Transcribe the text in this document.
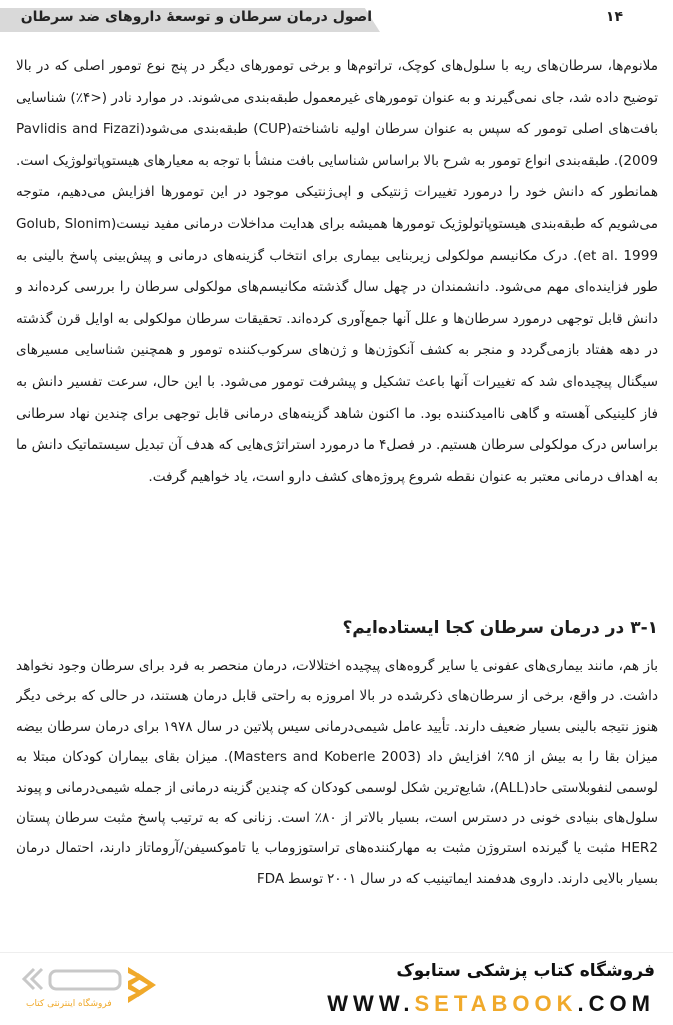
اصول درمان سرطان و توسعهٔ داروهای ضد سرطان	۱۴
ملانوم‌ها، سرطان‌های ریه با سلول‌های کوچک، تراتوم‌ها و برخی تومورهای دیگر در پنج نوع تومور اصلی که در بالا توضیح داده شد، جای نمی‌گیرند و به عنوان تومورهای غیرمعمول طبقه‌بندی می‌شوند. در موارد نادر (<۴٪) شناسایی بافت‌های اصلی تومور که سپس به عنوان سرطان اولیه ناشناخته(CUP) طبقه‌بندی می‌شود(Pavlidis and Fizazi 2009). طبقه‌بندی انواع تومور به شرح بالا براساس شناسایی بافت منشأ با توجه به معیارهای هیستوپاتولوژیک است. همانطور که دانش خود را درمورد تغییرات ژنتیکی و اپی‌ژنتیکی موجود در این تومورها افزایش می‌دهیم، متوجه می‌شویم که طبقه‌بندی هیستوپاتولوژیک تومورها همیشه برای هدایت مداخلات درمانی مفید نیست(Golub, Slonim et al. 1999). درک مکانیسم مولکولی زیربنایی بیماری برای انتخاب گزینه‌های درمانی و پیش‌بینی پاسخ بالینی به طور فزاینده‌ای مهم می‌شود. دانشمندان در چهل سال گذشته مکانیسم‌های مولکولی سرطان را بررسی کرده‌اند و دانش قابل توجهی درمورد سرطان‌ها و علل آنها جمع‌آوری کرده‌اند. تحقیقات سرطان مولکولی به اوایل قرن گذشته در دهه هفتاد بازمی‌گردد و منجر به کشف آنکوژن‌ها و ژن‌های سرکوب‌کننده تومور و همچنین شناسایی مسیرهای سیگنال پیچیده‌ای شد که تغییرات آنها باعث تشکیل و پیشرفت تومور می‌شود. با این حال، سرعت تفسیر دانش به فاز کلینیکی آهسته و گاهی ناامیدکننده بود. ما اکنون شاهد گزینه‌های درمانی قابل توجهی برای چندین نهاد سرطانی براساس درک مولکولی سرطان هستیم. در فصل۴ ما درمورد استراتژی‌هایی که هدف آن تبدیل سیستماتیک دانش ما به اهداف درمانی معتبر به عنوان نقطه شروع پروژه‌های کشف دارو است، یاد خواهیم گرفت.
۳-۱ در درمان سرطان کجا ایستاده‌ایم؟
باز هم، مانند بیماری‌های عفونی یا سایر گروه‌های پیچیده اختلالات، درمان منحصر به فرد برای سرطان وجود نخواهد داشت. در واقع، برخی از سرطان‌های ذکرشده در بالا امروزه به راحتی قابل درمان هستند، در حالی که برخی دیگر هنوز نتیجه بالینی بسیار ضعیف دارند. تأیید عامل شیمی‌درمانی سیس پلاتین در سال ۱۹۷۸ برای درمان سرطان بیضه میزان بقا را به بیش از ۹۵٪ افزایش داد (Masters and Koberle 2003). میزان بقای بیماران کودکان مبتلا به لوسمی لنفوبلاستی حاد(ALL)، شایع‌ترین شکل لوسمی کودکان که چندین گزینه درمانی از جمله شیمی‌درمانی و پیوند سلول‌های بنیادی خونی در دسترس است، بسیار بالاتر از ۸۰٪ است. زنانی که به ترتیب پاسخ مثبت سرطان پستان HER2 مثبت یا گیرنده استروژن مثبت به مهارکننده‌های تراستوزوماب یا تاموکسیفن/آروماتاز دارند، احتمال درمان بسیار بالایی دارند. داروی هدفمند ایماتینیب که در سال ۲۰۰۱ توسط FDA
فروشگاه اینترنتی کتاب
فروشگاه کتاب پزشکی ستابوک
WWW.SETABOOK.COM
